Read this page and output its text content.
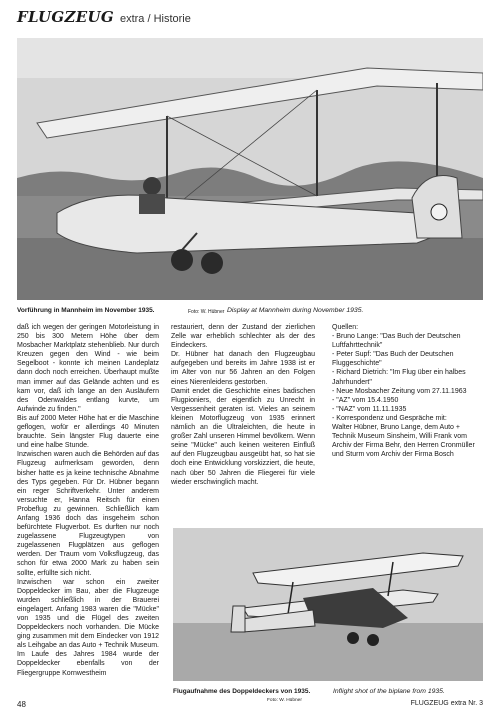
FLUGZEUG extra / Historie
Vorführung in Mannheim im November 1935.	Foto: W. Hübner Display at Mannheim during November 1935.

daß ich wegen der geringen Motorleistung in 250 bis 300 Metern Höhe über dem Mosbacher Marktplatz stehenblieb. Nur durch Kreuzen gegen den Wind - wie beim Segelboot - konnte ich meinen Landeplatz dann doch noch erreichen. Überhaupt mußte man immer auf das Gelände achten und es kam vor, daß ich lange an den Ausläufern des Odenwaldes entlang kurvte, um Aufwinde zu finden."
Bis auf 2000 Meter Höhe hat er die Maschine geflogen, wofür er allerdings 40 Minuten brauchte. Sein längster Flug dauerte eine und eine halbe Stunde.
Inzwischen waren auch die Behörden auf das Flugzeug aufmerksam geworden, denn bisher hatte es ja keine technische Abnahme des Typs gegeben. Für Dr. Hübner begann ein reger Schriftverkehr. Unter anderem versuchte er, Hanna Reitsch für einen Probeflug zu gewinnen. Schließlich kam Anfang 1936 doch das insgeheim schon befürchtete Flugverbot. Es durften nur noch zugelassene Flugzeugtypen von zugelassenen Flugplätzen aus geflogen werden. Der Traum vom Volksflugzeug, das schon für etwa 2000 Mark zu haben sein sollte, erfüllte sich nicht.
Inzwischen war schon ein zweiter Doppeldecker im Bau, aber die Flugzeuge wurden schließlich in der Brauerei eingelagert. Anfang 1983 waren die "Mücke" von 1935 und die Flügel des zweiten Doppeldeckers noch vorhanden. Die Mücke ging zusammen mit dem Eindecker von 1912 als Leihgabe an das Auto + Technik Museum. Im Laufe des Jahres 1984 wurde der Doppeldecker ebenfalls von der Fliegergruppe Kornwestheim

restauriert, denn der Zustand der zierlichen Zelle war erheblich schlechter als der des Eindeckers.
Dr. Hübner hat danach den Flugzeugbau aufgegeben und bereits im Jahre 1938 ist er im Alter von nur 56 Jahren an den Folgen eines Nierenleidens gestorben.
Damit endet die Geschichte eines badischen Flugpioniers, der eigentlich zu Unrecht in Vergessenheit geraten ist. Vieles an seinem kleinen Motorflugzeug von 1935 erinnert nämlich an die Ultraleichten, die heute in großer Zahl unseren Himmel bevölkern. Wenn seine "Mücke" auch keinen weiteren Einfluß auf den Flugzeugbau ausgeübt hat, so hat sie doch eine Entwicklung vorskizziert, die heute, nach über 50 Jahren die Fliegerei für viele wieder erschwinglich macht.

Quellen:

- Bruno Lange: "Das Buch der Deutschen Luftfahrttechnik"
- Peter Supf: "Das Buch der Deutschen Fluggeschichte"
- Richard Dietrich: "Im Flug über ein halbes Jahrhundert"
- Neue Mosbacher Zeitung vom 27.11.1963
- "AZ" vom 15.4.1950
- "NAZ" vom 11.11.1935
- Korrespondenz und Gespräche mit:
Walter Hübner, Bruno Lange, dem Auto + Technik Museum Sinsheim, Willi Frank vom Archiv der Firma Behr, den Herren Cronmüller und Sturm vom Archiv der Firma Bosch

Flugaufnahme des Doppeldeckers von 1935.
Foto: W. Hübner
Inflight shot of the biplane from 1935.
48	FLUGZEUG extra Nr. 3
